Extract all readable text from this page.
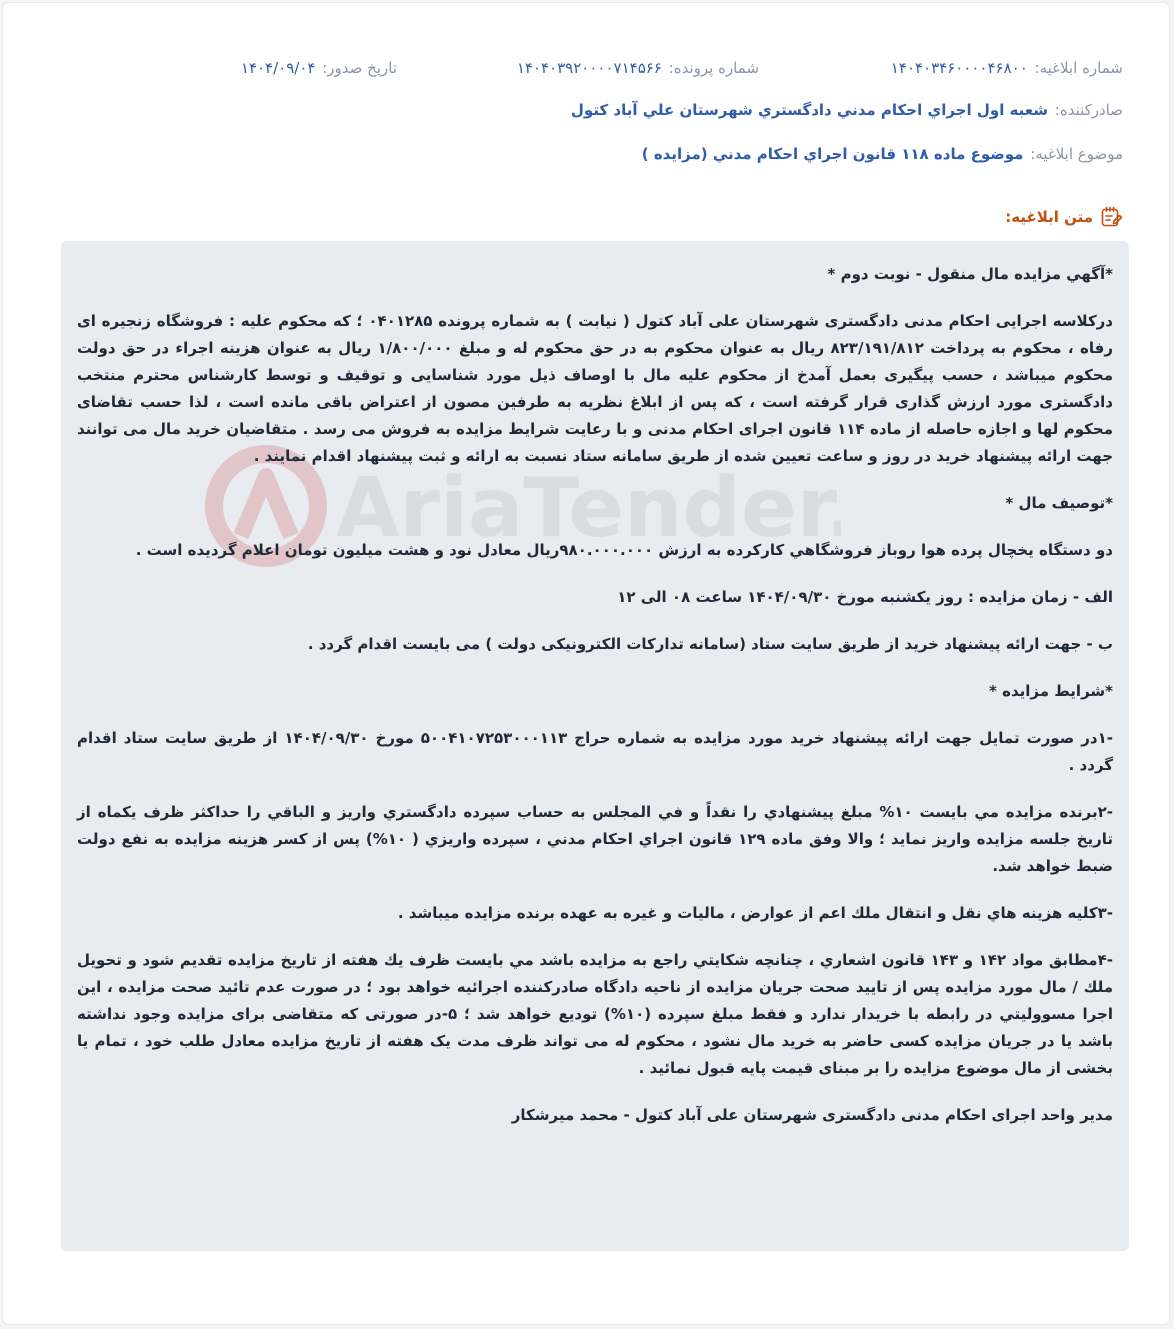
شماره ابلاغیه: ۱۴۰۴۰۳۴۶۰۰۰۰۴۶۸۰۰
شماره پرونده: ۱۴۰۴۰۳۹۲۰۰۰۰۷۱۴۵۶۶
تاریخ صدور: ۱۴۰۴/۰۹/۰۴
صادرکننده: شعبه اول اجراي احكام مدني دادگستري شهرستان علي آباد كتول
موضوع ابلاغیه: موضوع ماده ۱۱۸ قانون اجراي احكام مدني (مزايده )
متن ابلاغیه:
AriaTender

*آگهي مزايده مال منقول - نوبت دوم *

درکلاسه اجرایی احکام مدنی دادگستری شهرستان علی آباد کتول ( نیابت ) به شماره پرونده ۰۴۰۱۲۸۵ ؛ که محکوم علیه : فروشگاه زنجیره ای رفاه ، محکوم به پرداخت ۸۲۳/۱۹۱/۸۱۲ ریال به عنوان محکوم به در حق محکوم له و مبلغ ۱/۸۰۰/۰۰۰ ریال به عنوان هزینه اجراء در حق دولت محکوم میباشد ، حسب پیگیری بعمل آمدخ از محکوم علیه مال با اوصاف ذیل مورد شناسایی و توقیف و توسط کارشناس محترم منتخب دادگستری مورد ارزش گذاری قرار گرفته است ، که پس از ابلاغ نظریه به طرفین مصون از اعتراض باقی مانده است ، لذا حسب تقاضای محکوم لها و اجازه حاصله از ماده ۱۱۴ قانون اجرای احکام مدنی و با رعایت شرایط مزایده به فروش می رسد . متقاضیان خرید مال می توانند جهت ارائه پیشنهاد خرید در روز و ساعت تعیین شده از طریق سامانه ستاد نسبت به ارائه و ثبت پیشنهاد اقدام نمایند .

*توصيف مال *

دو دستگاه یخچال پرده هوا روباز فروشگاهي كاركرده به ارزش ۹۸۰.۰۰۰.۰۰۰ریال معادل نود و هشت میلیون تومان اعلام گردیده است .

الف - زمان مزایده : روز يكشنبه مورخ ۱۴۰۴/۰۹/۳۰ ساعت ۰۸ الی ۱۲

ب - جهت ارائه پیشنهاد خرید از طریق سایت ستاد (سامانه تدارکات الکترونیکی دولت ) می بایست اقدام گردد .

*شرايط مزايده *

-۱در صورت تمایل جهت ارائه پیشنهاد خرید مورد مزایده به شماره حراج ۵۰۰۴۱۰۷۲۵۳۰۰۰۱۱۳ مورخ ۱۴۰۴/۰۹/۳۰ از طریق سایت ستاد اقدام گردد .

-۲برنده مزايده مي بايست ۱۰% مبلغ پيشنهادي را نقداً و في المجلس به حساب سپرده دادگستري واريز و الباقي را حداكثر ظرف يكماه از تاريخ جلسه مزايده واريز نمايد ؛ والا وفق ماده ۱۲۹ قانون اجراي احكام مدني ، سپرده واريزي ( ۱۰%) پس از كسر هزينه مزايده به نفع دولت ضبط خواهد شد.

-۳كليه هزينه هاي نقل و انتقال ملك اعم از عوارض ، ماليات و غيره به عهده برنده مزايده ميباشد .

-۴مطابق مواد ۱۴۲ و ۱۴۳ قانون اشعاري ، چنانچه شكايتي راجع به مزايده باشد مي بايست ظرف يك هفته از تاريخ مزايده تقديم شود و تحويل ملك / مال مورد مزايده پس از تاييد صحت جريان مزايده از ناحيه دادگاه صادركننده اجرائيه خواهد بود ؛ در صورت عدم تائيد صحت مزايده ، اين اجرا مسووليتي در رابطه با خريدار ندارد و فقط مبلغ سپرده (۱۰%) توديع خواهد شد ؛ ۵-در صورتی که متقاضی برای مزایده وجود نداشته باشد یا در جریان مزایده کسی حاضر به خرید مال نشود ، محکوم له می تواند ظرف مدت یک هفته از تاریخ مزایده معادل طلب خود ، تمام یا بخشی از مال موضوع مزایده را بر مبنای قیمت پایه قبول نمائید .

مدیر واحد اجرای احکام مدنی دادگستری شهرستان علی آباد کتول - محمد میرشکار
